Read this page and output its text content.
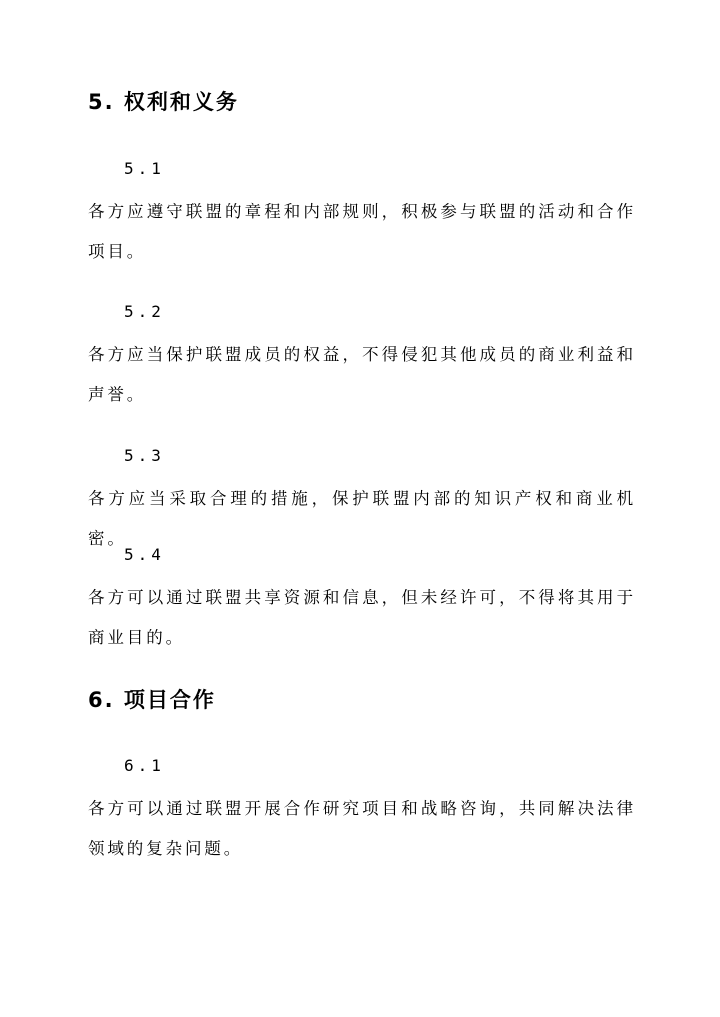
5. 权利和义务
5.1
各方应遵守联盟的章程和内部规则，积极参与联盟的活动和合作项目。
5.2
各方应当保护联盟成员的权益，不得侵犯其他成员的商业利益和声誉。
5.3
各方应当采取合理的措施，保护联盟内部的知识产权和商业机密。
5.4
各方可以通过联盟共享资源和信息，但未经许可，不得将其用于商业目的。
6. 项目合作
6.1
各方可以通过联盟开展合作研究项目和战略咨询，共同解决法律领域的复杂问题。
